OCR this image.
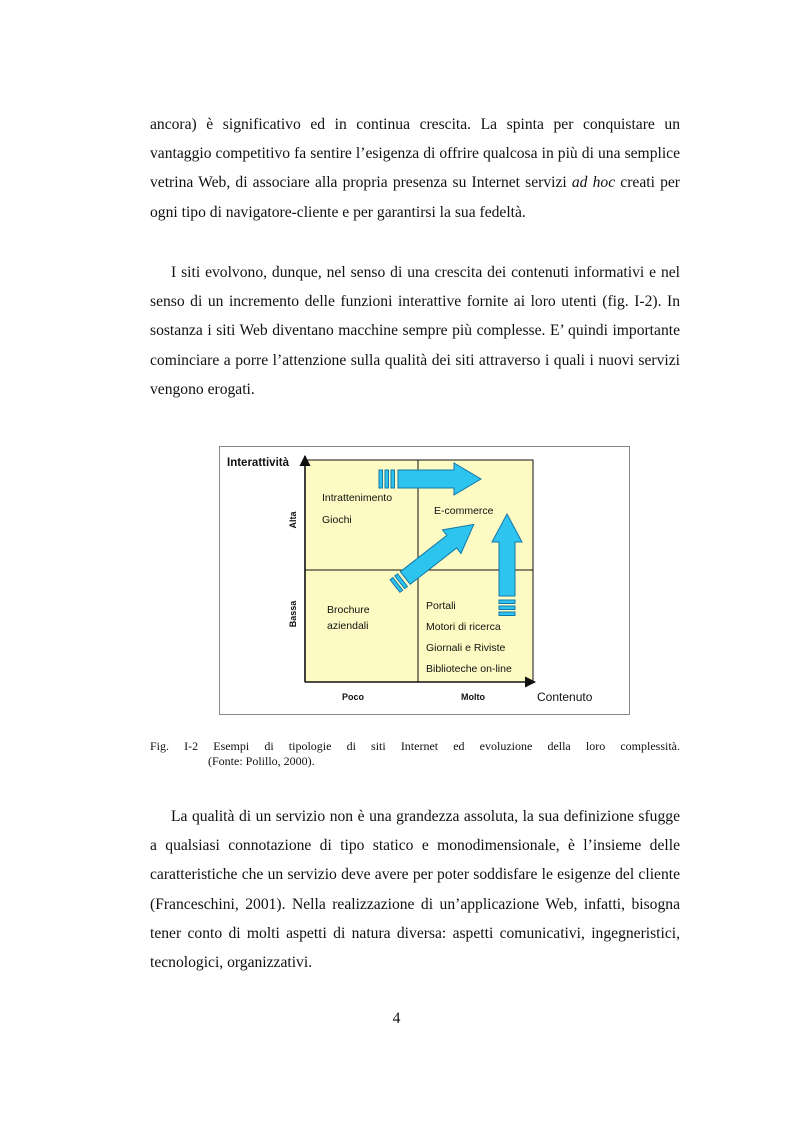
ancora) è significativo ed in continua crescita. La spinta per conquistare un vantaggio competitivo fa sentire l’esigenza di offrire qualcosa in più di una semplice vetrina Web, di associare alla propria presenza su Internet servizi ad hoc creati per ogni tipo di navigatore-cliente e per garantirsi la sua fedeltà.

I siti evolvono, dunque, nel senso di una crescita dei contenuti informativi e nel senso di un incremento delle funzioni interattive fornite ai loro utenti (fig. I-2). In sostanza i siti Web diventano macchine sempre più complesse. E’ quindi importante cominciare a porre l’attenzione sulla qualità dei siti attraverso i quali i nuovi servizi vengono erogati.

Interattività
Contenuto
Alta
Bassa
Poco	Molto
Intrattenimento
Giochi
E-commerce
Brochure
aziendali
Portali
Motori di ricerca
Giornali e Riviste
Biblioteche on-line
Fig. I-2 Esempi di tipologie di siti Internet ed evoluzione della loro complessità.
(Fonte: Polillo, 2000).

La qualità di un servizio non è una grandezza assoluta, la sua definizione sfugge a qualsiasi connotazione di tipo statico e monodimensionale, è l’insieme delle caratteristiche che un servizio deve avere per poter soddisfare le esigenze del cliente (Franceschini, 2001). Nella realizzazione di un’applicazione Web, infatti, bisogna tener conto di molti aspetti di natura diversa: aspetti comunicativi, ingegneristici, tecnologici, organizzativi.

4
